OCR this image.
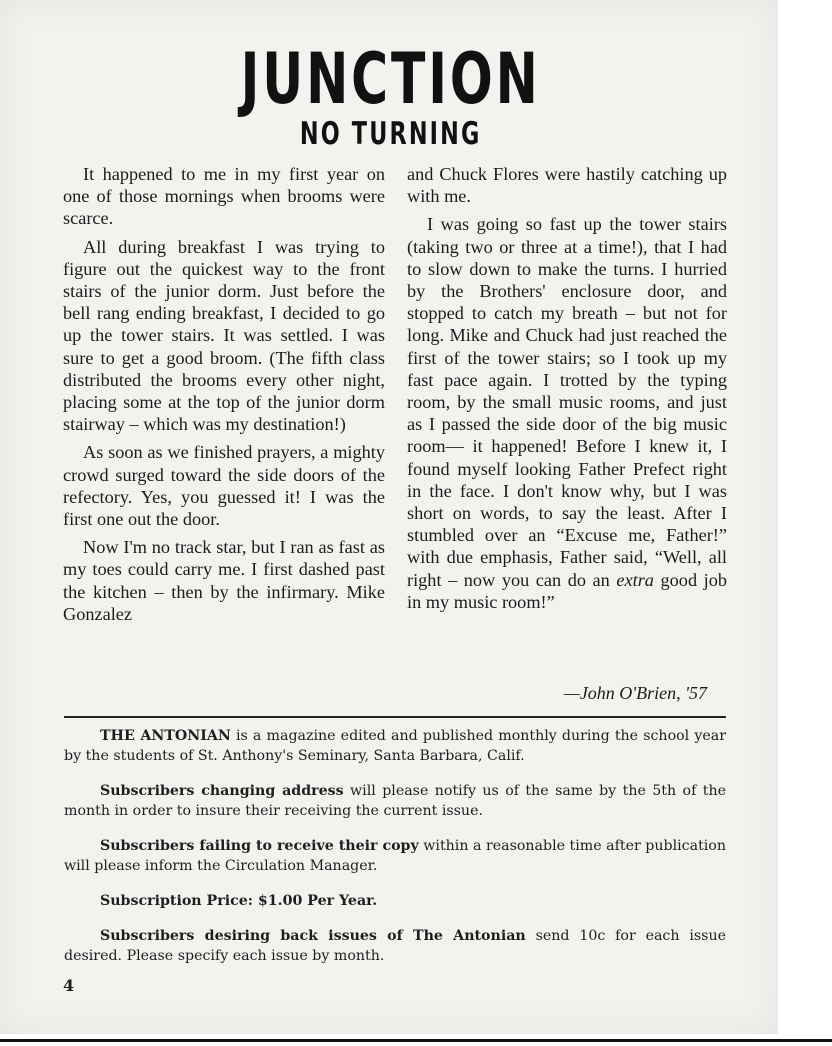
JUNCTION
NO TURNING

It happened to me in my first year on one of those mornings when brooms were scarce.

All during breakfast I was trying to figure out the quickest way to the front stairs of the junior dorm. Just before the bell rang ending breakfast, I decided to go up the tower stairs. It was settled. I was sure to get a good broom. (The fifth class distributed the brooms every other night, placing some at the top of the junior dorm stairway – which was my destination!)

As soon as we finished prayers, a mighty crowd surged toward the side doors of the refectory. Yes, you guessed it! I was the first one out the door.

Now I'm no track star, but I ran as fast as my toes could carry me. I first dashed past the kitchen – then by the infirmary. Mike Gonzalez

and Chuck Flores were hastily catching up with me.

I was going so fast up the tower stairs (taking two or three at a time!), that I had to slow down to make the turns. I hurried by the Brothers' enclosure door, and stopped to catch my breath – but not for long. Mike and Chuck had just reached the first of the tower stairs; so I took up my fast pace again. I trotted by the typing room, by the small music rooms, and just as I passed the side door of the big music room— it happened! Before I knew it, I found myself looking Father Prefect right in the face. I don't know why, but I was short on words, to say the least. After I stumbled over an “Excuse me, Father!” with due emphasis, Father said, “Well, all right – now you can do an extra good job in my music room!”

—John O'Brien, '57

THE ANTONIAN is a magazine edited and published monthly during the school year by the students of St. Anthony's Seminary, Santa Barbara, Calif.

Subscribers changing address will please notify us of the same by the 5th of the month in order to insure their receiving the current issue.

Subscribers failing to receive their copy within a reasonable time after publication will please inform the Circulation Manager.

Subscription Price: $1.00 Per Year.

Subscribers desiring back issues of The Antonian send 10c for each issue desired. Please specify each issue by month.

4
